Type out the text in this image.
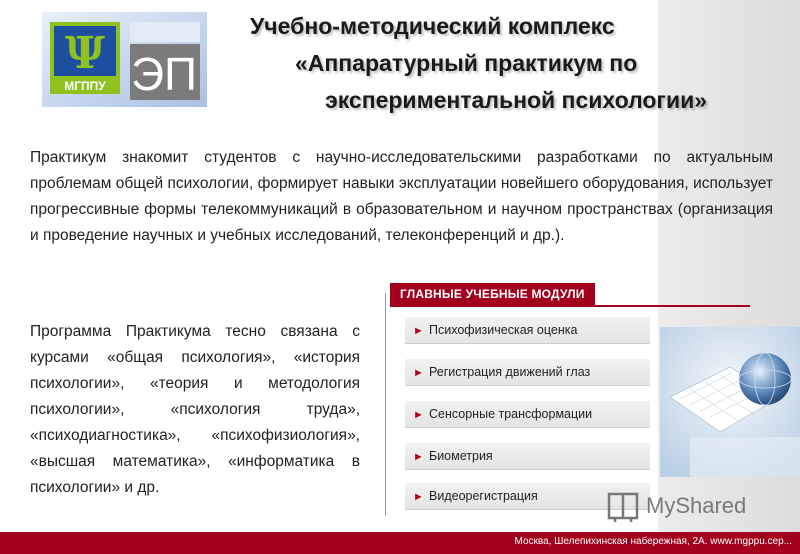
Ψ
МГППУ ЭП
Учебно-методический комплекс
«Аппаратурный практикум по
экспериментальной психологии»
Практикум знакомит студентов с научно-исследовательскими разработками по актуальным проблемам общей психологии, формирует навыки эксплуатации новейшего оборудования, использует прогрессивные формы телекоммуникаций в образовательном и научном пространствах (организация и проведение научных и учебных исследований, телеконференций и др.).
Программа Практикума тесно связана с курсами «общая психология», «история психологии», «теория и методология психологии», «психология труда», «психодиагностика», «психофизиология», «высшая математика», «информатика в психологии» и др.
ГЛАВНЫЕ УЧЕБНЫЕ МОДУЛИ
► Психофизическая оценка
► Регистрация движений глаз
► Сенсорные трансформации
► Биометрия
► Видеорегистрация	MyShared
Москва, Шелепихинская набережная, 2А. www.mgppu.сер...
